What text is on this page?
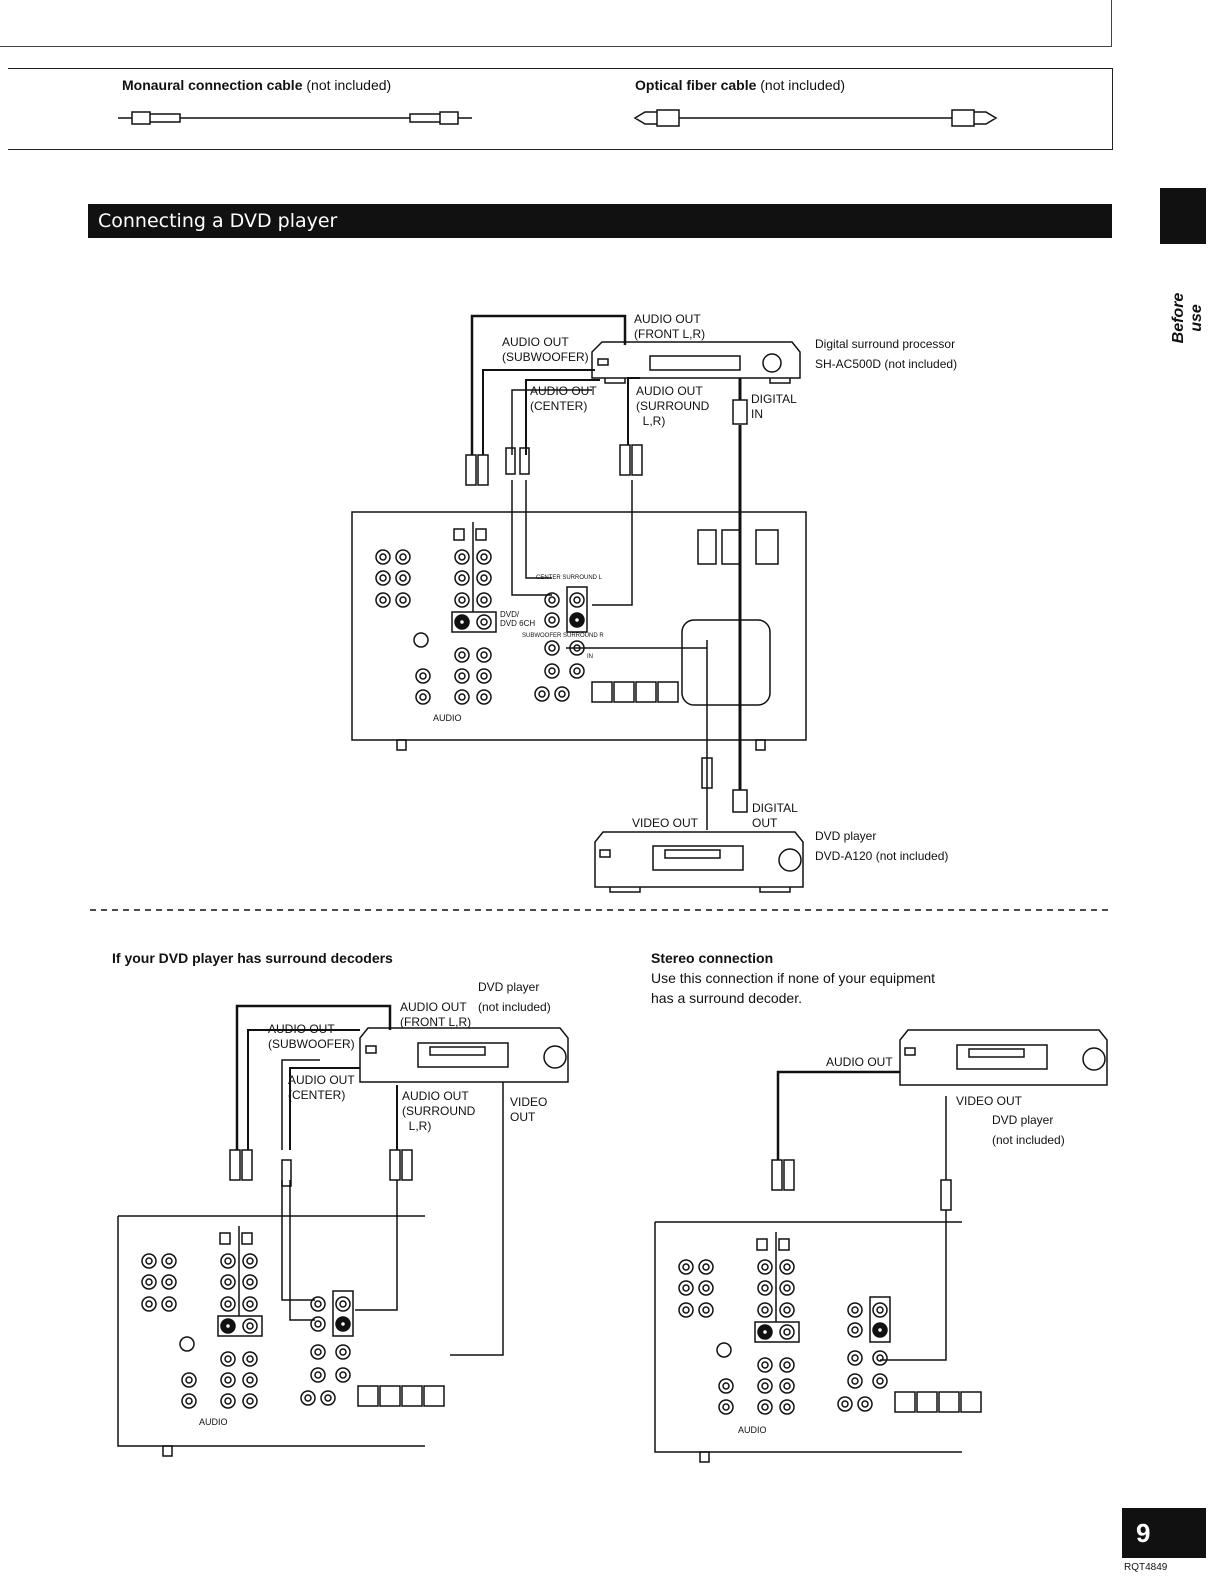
Monaural connection cable (not included)	Optical fiber cable (not included)
Connecting a DVD player
Before use
AUDIO OUT
(FRONT L,R)
AUDIO OUT
(SUBWOOFER)
AUDIO OUT
(CENTER)
AUDIO OUT
(SURROUND
L,R)
DIGITAL
IN
Digital surround processor
SH-AC500D (not included)
VIDEO OUT
DIGITAL
OUT
DVD player
DVD-A120 (not included)
CENTER SURROUND L
DVD/
DVD 6CH
SUBWOOFER SURROUND R
IN
AUDIO
If your DVD player has surround decoders
DVD player
(not included)
AUDIO OUT
(FRONT L,R)
AUDIO OUT
(SUBWOOFER)
AUDIO OUT
(CENTER)	AUDIO OUT
(SURROUND
L,R)
VIDEO
OUT
AUDIO
Stereo connection
Use this connection if none of your equipment
has a surround decoder.
AUDIO OUT
VIDEO OUT
DVD player
(not included)
AUDIO
9
RQT4849
